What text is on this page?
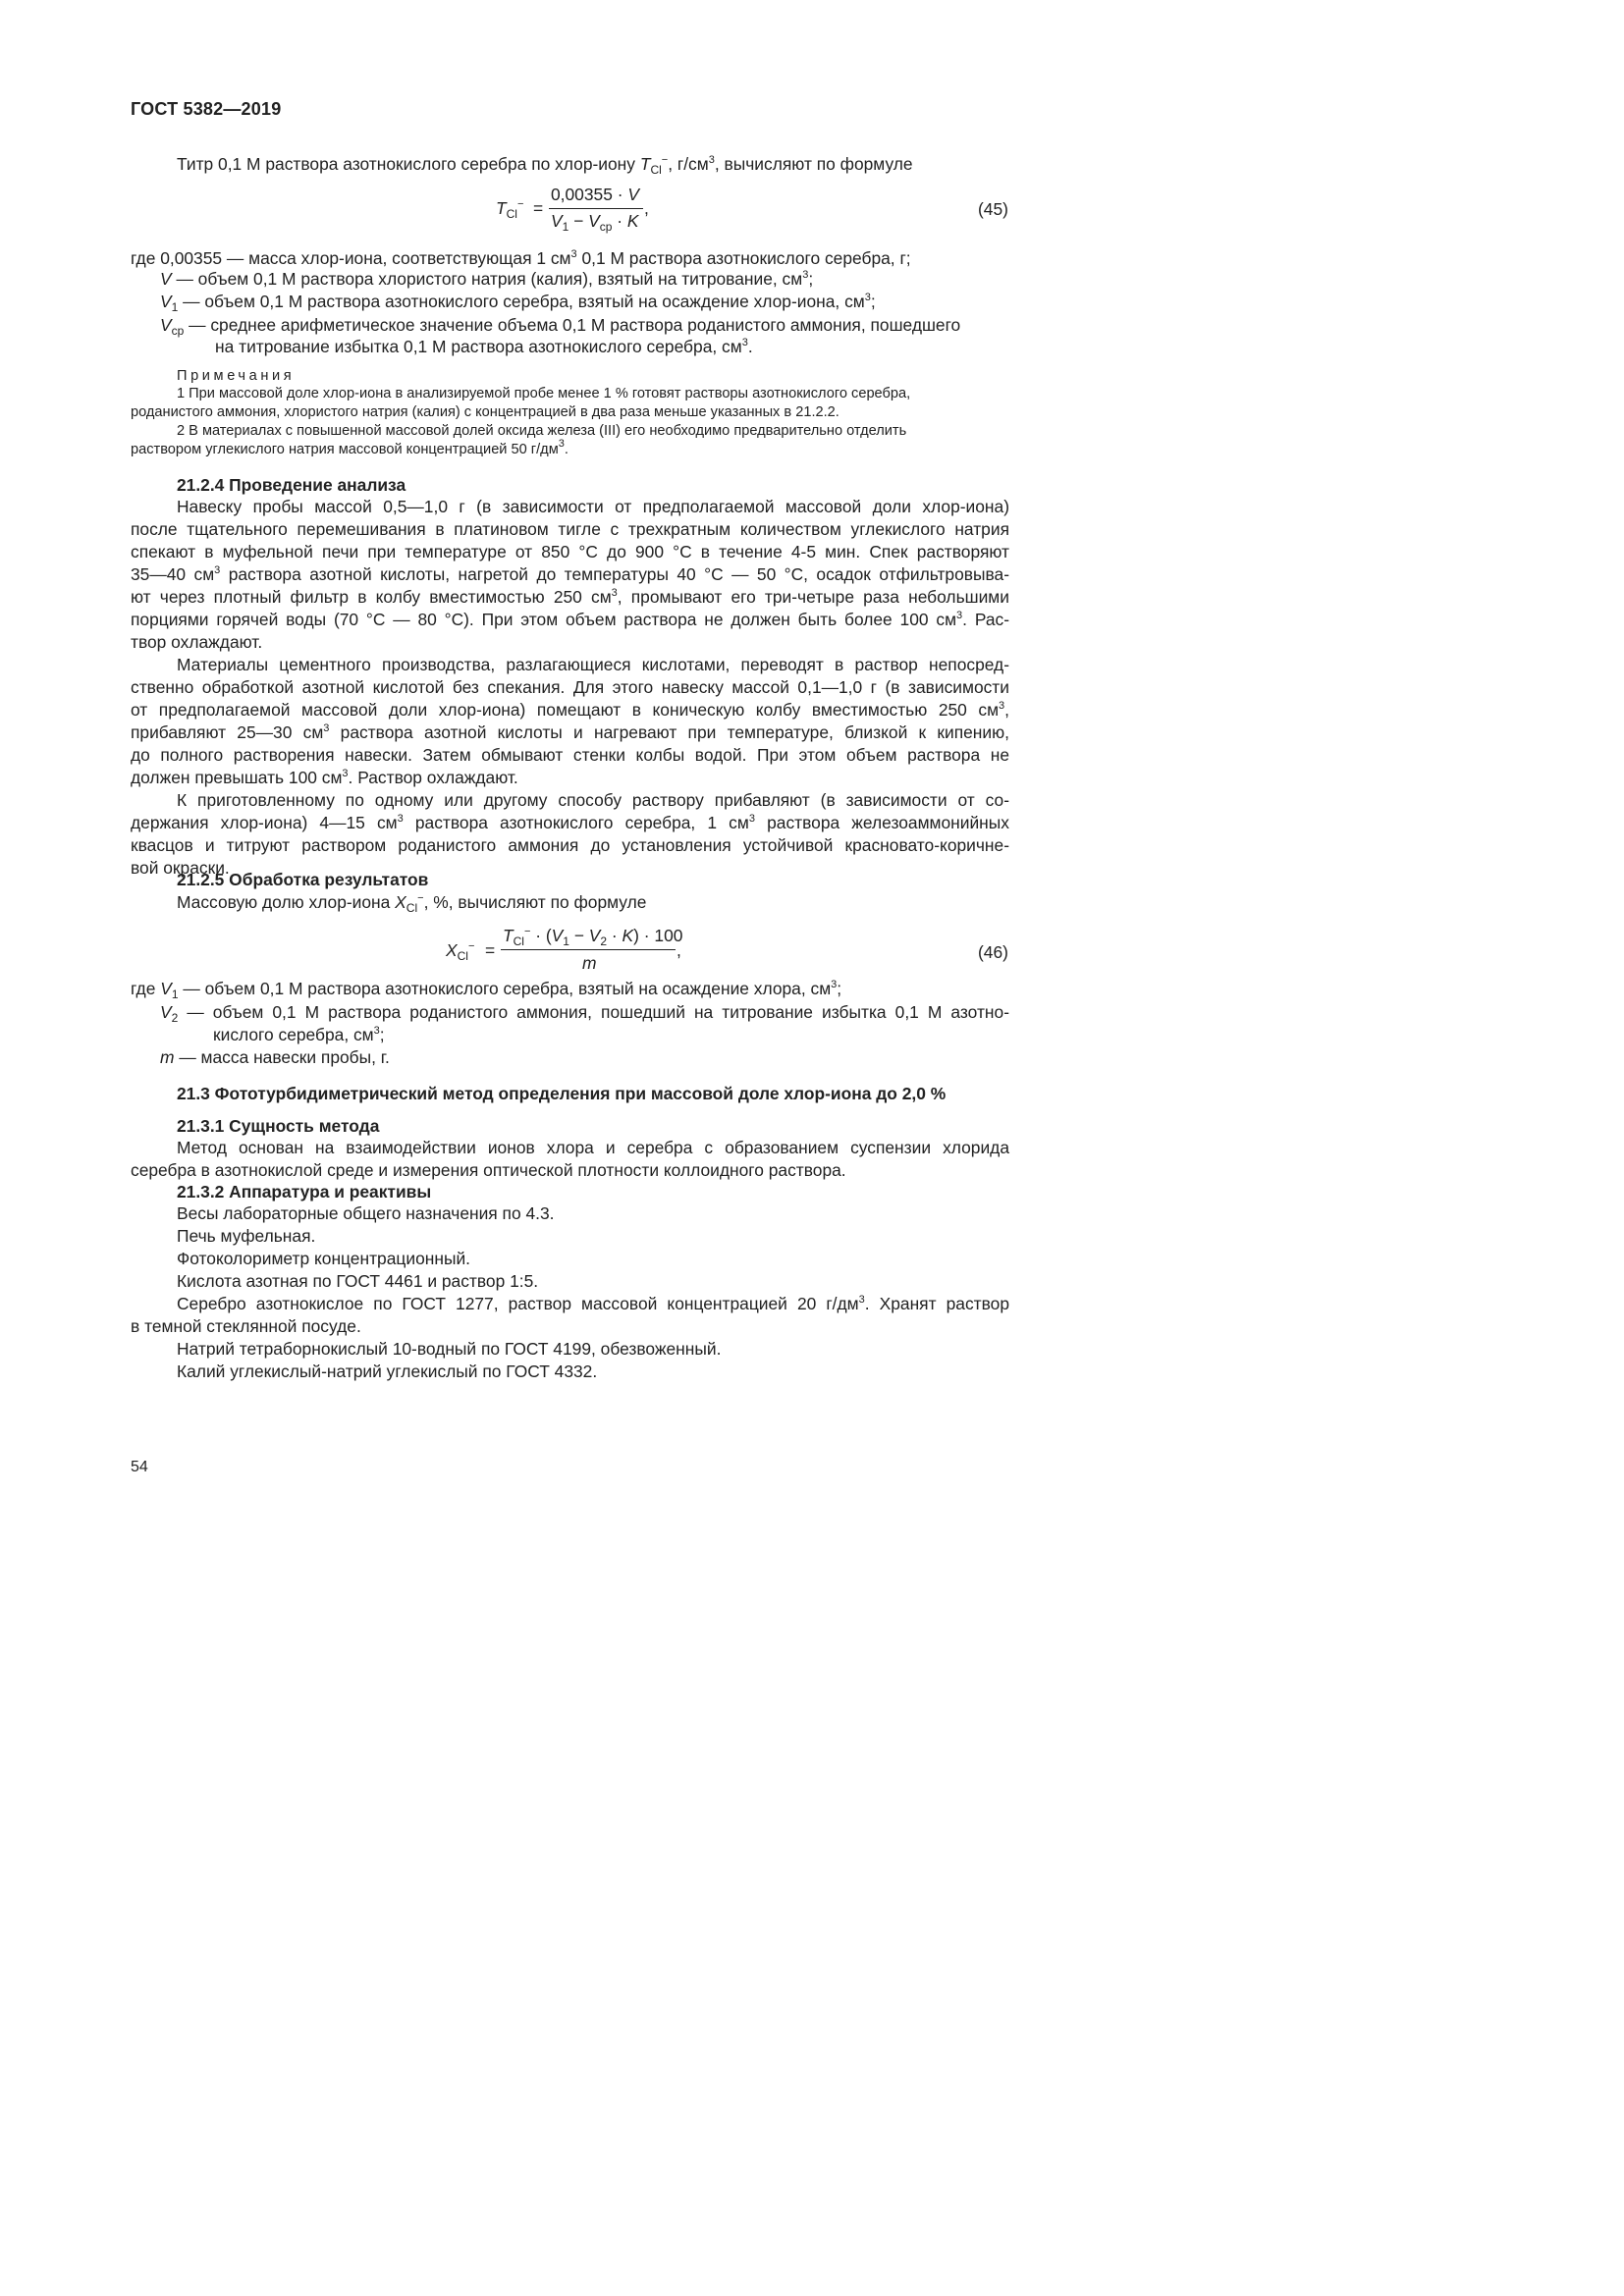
ГОСТ 5382—2019
Титр 0,1 М раствора азотнокислого серебра по хлор-иону $T_{Cl}^-$, $г/см^3$, вычисляют по формуле
$T_{Cl}^-$ =
0,00355 · V
$V_1 - V_{ср} \cdot K$
,	(45)
где 0,00355 — масса хлор-иона, соответствующая 1 $см^3$ 0,1 М раствора азотнокислого серебра, г;
V — объем 0,1 М раствора хлористого натрия (калия), взятый на титрование, $см^3$;
$V_1$ — объем 0,1 М раствора азотнокислого серебра, взятый на осаждение хлор-иона, $см^3$;
$V_{ср}$ — среднее арифметическое значение объема 0,1 М раствора роданистого аммония, пошедшего
на титрование избытка 0,1 М раствора азотнокислого серебра, $см^3$.
Примечания
1 При массовой доле хлор-иона в анализируемой пробе менее 1 % готовят растворы азотнокислого серебра,
роданистого аммония, хлористого натрия (калия) с концентрацией в два раза меньше указанных в 21.2.2.
2 В материалах с повышенной массовой долей оксида железа (III) его необходимо предварительно отделить
раствором углекислого натрия массовой концентрацией 50 $г/дм^3$.
21.2.4 Проведение анализа
Навеску пробы массой 0,5—1,0 г (в зависимости от предполагаемой массовой доли хлор-иона)
после тщательного перемешивания в платиновом тигле с трехкратным количеством углекислого натрия
спекают в муфельной печи при температуре от 850 °С до 900 °С в течение 4-5 мин. Спек растворяют
35—40 $см^3$ раствора азотной кислоты, нагретой до температуры 40 °С — 50 °С, осадок отфильтровыва-
ют через плотный фильтр в колбу вместимостью 250 $см^3$, промывают его три-четыре раза небольшими
порциями горячей воды (70 °С — 80 °С). При этом объем раствора не должен быть более 100 $см^3$. Рас-
твор охлаждают.
Материалы цементного производства, разлагающиеся кислотами, переводят в раствор непосред-
ственно обработкой азотной кислотой без спекания. Для этого навеску массой 0,1—1,0 г (в зависимости
от предполагаемой массовой доли хлор-иона) помещают в коническую колбу вместимостью 250 $см^3$,
прибавляют 25—30 $см^3$ раствора азотной кислоты и нагревают при температуре, близкой к кипению,
до полного растворения навески. Затем обмывают стенки колбы водой. При этом объем раствора не
должен превышать 100 $см^3$. Раствор охлаждают.
К приготовленному по одному или другому способу раствору прибавляют (в зависимости от со-
держания хлор-иона) 4—15 $см^3$ раствора азотнокислого серебра, 1 $см^3$ раствора железоаммонийных
квасцов и титруют раствором роданистого аммония до установления устойчивой красновато-коричне-
вой окраски.
21.2.5 Обработка результатов
Массовую долю хлор-иона $X_{Cl}^-$, %, вычисляют по формуле
$X_{Cl}^-$ =
$T_{Cl}^- \cdot (V_1 - V_2 \cdot K) \cdot 100$
m
,	(46)
где $V_1$ — объем 0,1 М раствора азотнокислого серебра, взятый на осаждение хлора, $см^3$;
$V_2$ — объем 0,1 М раствора роданистого аммония, пошедший на титрование избытка 0,1 М азотно-
кислого серебра, $см^3$;
m — масса навески пробы, г.
21.3 Фототурбидиметрический метод определения при массовой доле хлор-иона до 2,0 %
21.3.1 Сущность метода
Метод основан на взаимодействии ионов хлора и серебра с образованием суспензии хлорида
серебра в азотнокислой среде и измерения оптической плотности коллоидного раствора.
21.3.2 Аппаратура и реактивы
Весы лабораторные общего назначения по 4.3.
Печь муфельная.
Фотоколориметр концентрационный.
Кислота азотная по ГОСТ 4461 и раствор 1:5.
Серебро азотнокислое по ГОСТ 1277, раствор массовой концентрацией 20 $г/дм^3$. Хранят раствор
в темной стеклянной посуде.
Натрий тетраборнокислый 10-водный по ГОСТ 4199, обезвоженный.
Калий углекислый-натрий углекислый по ГОСТ 4332.
54
